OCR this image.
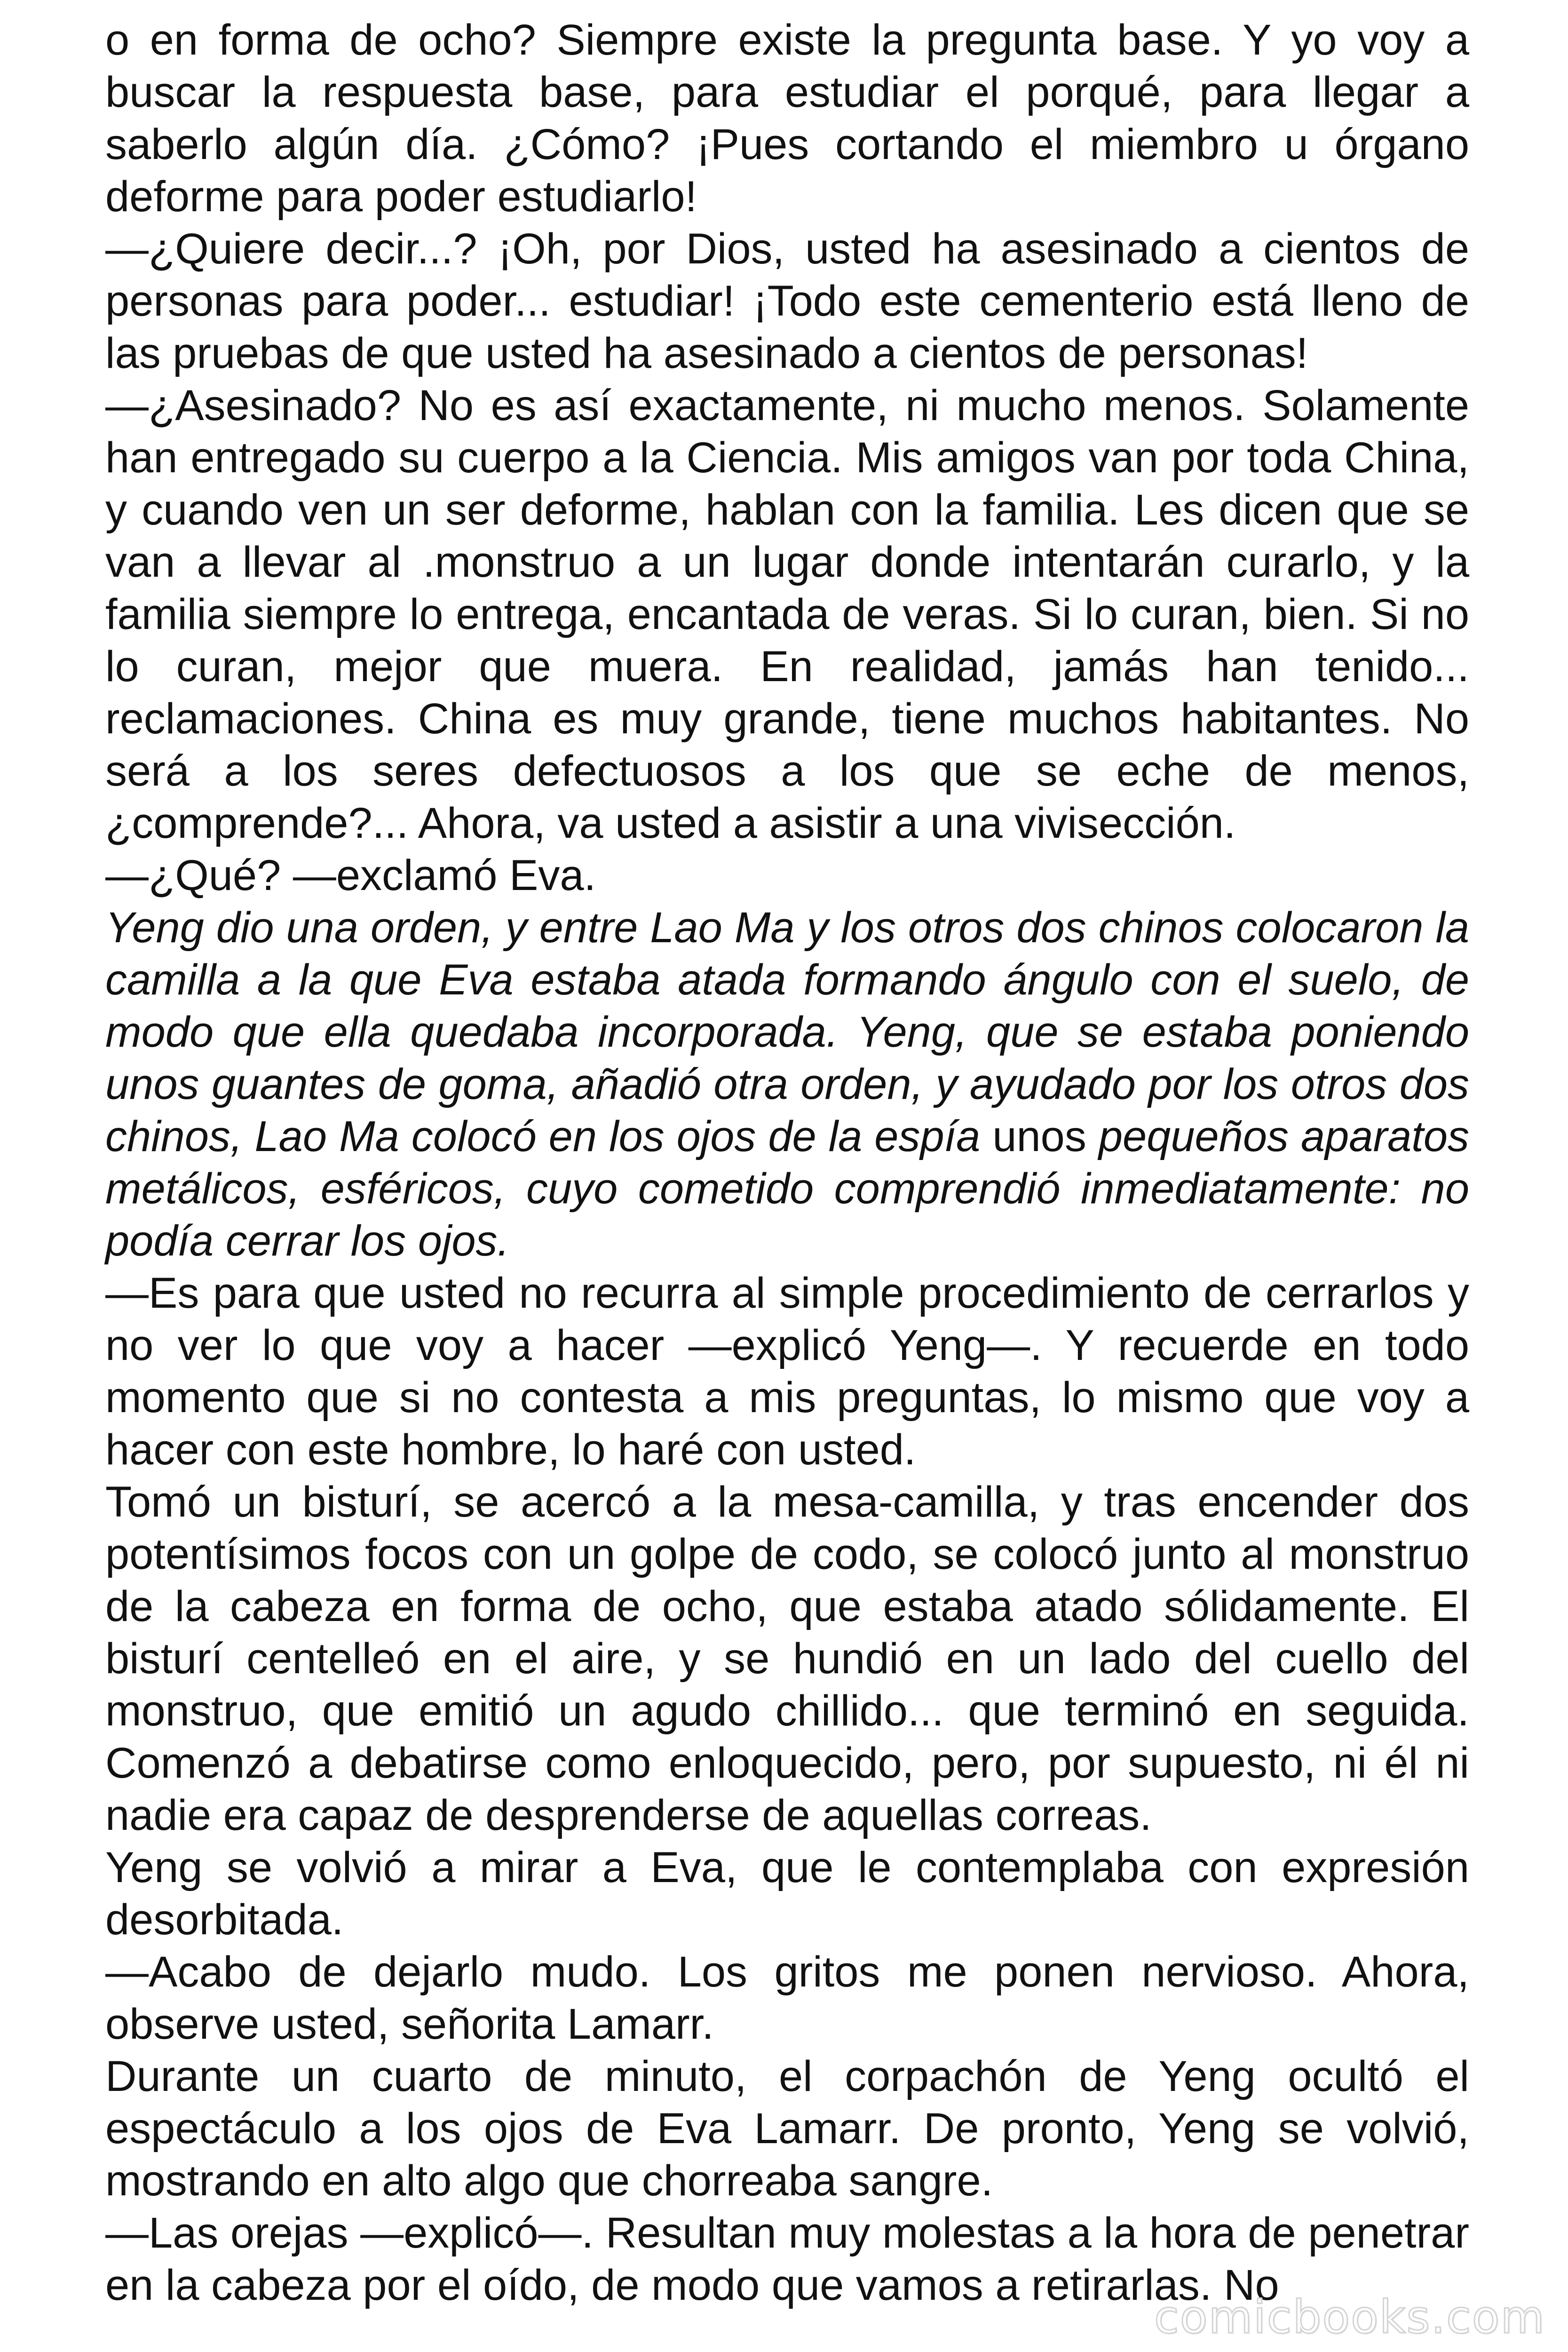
o en forma de ocho? Siempre existe la pregunta base. Y yo voy a buscar la respuesta base, para estudiar el porqué, para llegar a saberlo algún día. ¿Cómo? ¡Pues cortando el miembro u órgano deforme para poder estudiarlo!

—¿Quiere decir...? ¡Oh, por Dios, usted ha asesinado a cientos de personas para poder... estudiar! ¡Todo este cementerio está lleno de las pruebas de que usted ha asesinado a cientos de personas!

—¿Asesinado? No es así exactamente, ni mucho menos. Solamente han entregado su cuerpo a la Ciencia. Mis amigos van por toda China, y cuando ven un ser deforme, hablan con la familia. Les dicen que se van a llevar al .monstruo a un lugar donde intentarán curarlo, y la familia siempre lo entrega, encantada de veras. Si lo curan, bien. Si no lo curan, mejor que muera. En realidad, jamás han tenido... reclamaciones. China es muy grande, tiene muchos habitantes. No será a los seres defectuosos a los que se eche de menos, ¿comprende?... Ahora, va usted a asistir a una vivisección.

—¿Qué? —exclamó Eva.

Yeng dio una orden, y entre Lao Ma y los otros dos chinos colocaron la camilla a la que Eva estaba atada formando ángulo con el suelo, de modo que ella quedaba incorporada. Yeng, que se estaba poniendo unos guantes de goma, añadió otra orden, y ayudado por los otros dos chinos, Lao Ma colocó en los ojos de la espía unos pequeños aparatos metálicos, esféricos, cuyo cometido comprendió inmediatamente: no podía cerrar los ojos.

—Es para que usted no recurra al simple procedimiento de cerrarlos y no ver lo que voy a hacer —explicó Yeng—. Y recuerde en todo momento que si no contesta a mis preguntas, lo mismo que voy a hacer con este hombre, lo haré con usted.

Tomó un bisturí, se acercó a la mesa-camilla, y tras encender dos potentísimos focos con un golpe de codo, se colocó junto al monstruo de la cabeza en forma de ocho, que estaba atado sólidamente. El bisturí centelleó en el aire, y se hundió en un lado del cuello del monstruo, que emitió un agudo chillido... que terminó en seguida. Comenzó a debatirse como enloquecido, pero, por supuesto, ni él ni nadie era capaz de desprenderse de aquellas correas.

Yeng se volvió a mirar a Eva, que le contemplaba con expresión desorbitada.

—Acabo de dejarlo mudo. Los gritos me ponen nervioso. Ahora, observe usted, señorita Lamarr.

Durante un cuarto de minuto, el corpachón de Yeng ocultó el espectáculo a los ojos de Eva Lamarr. De pronto, Yeng se volvió, mostrando en alto algo que chorreaba sangre.

—Las orejas —explicó—. Resultan muy molestas a la hora de penetrar en la cabeza por el oído, de modo que vamos a retirarlas. No

comicbooks.com
